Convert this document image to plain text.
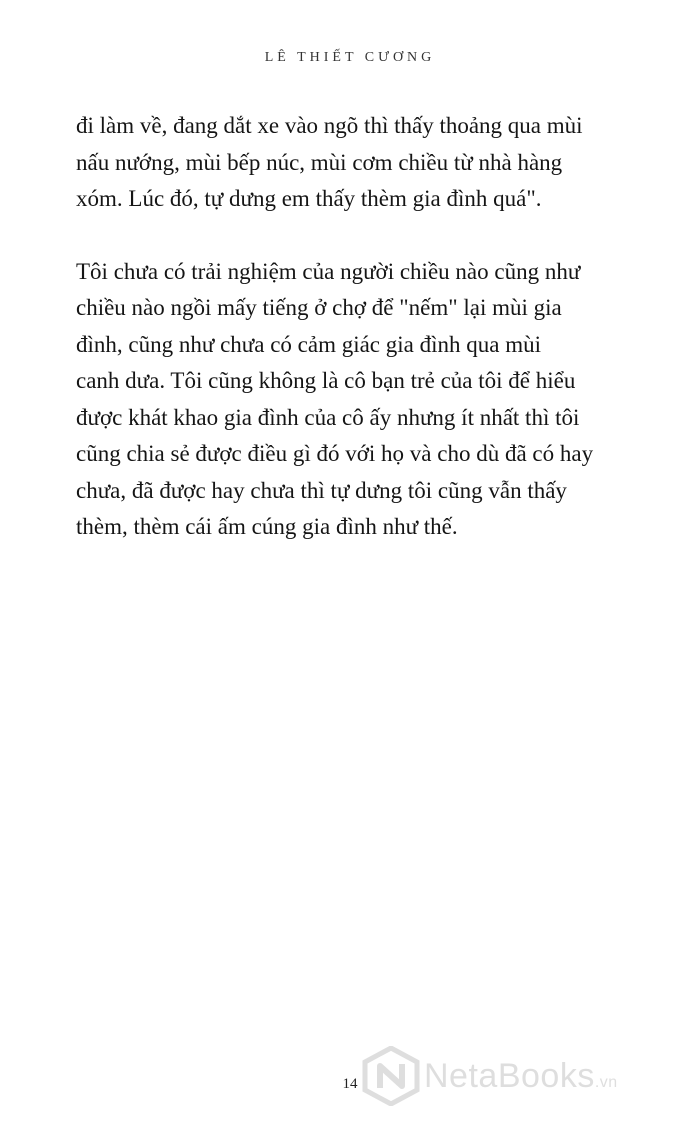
LÊ THIẾT CƯƠNG

đi làm về, đang dắt xe vào ngõ thì thấy thoảng qua mùi
nấu nướng, mùi bếp núc, mùi cơm chiều từ nhà hàng
xóm. Lúc đó, tự dưng em thấy thèm gia đình quá".

Tôi chưa có trải nghiệm của người chiều nào cũng như
chiều nào ngồi mấy tiếng ở chợ để "nếm" lại mùi gia
đình, cũng như chưa có cảm giác gia đình qua mùi
canh dưa. Tôi cũng không là cô bạn trẻ của tôi để hiểu
được khát khao gia đình của cô ấy nhưng ít nhất thì tôi
cũng chia sẻ được điều gì đó với họ và cho dù đã có hay
chưa, đã được hay chưa thì tự dưng tôi cũng vẫn thấy
thèm, thèm cái ấm cúng gia đình như thế.

14	NetaBooks.vn
